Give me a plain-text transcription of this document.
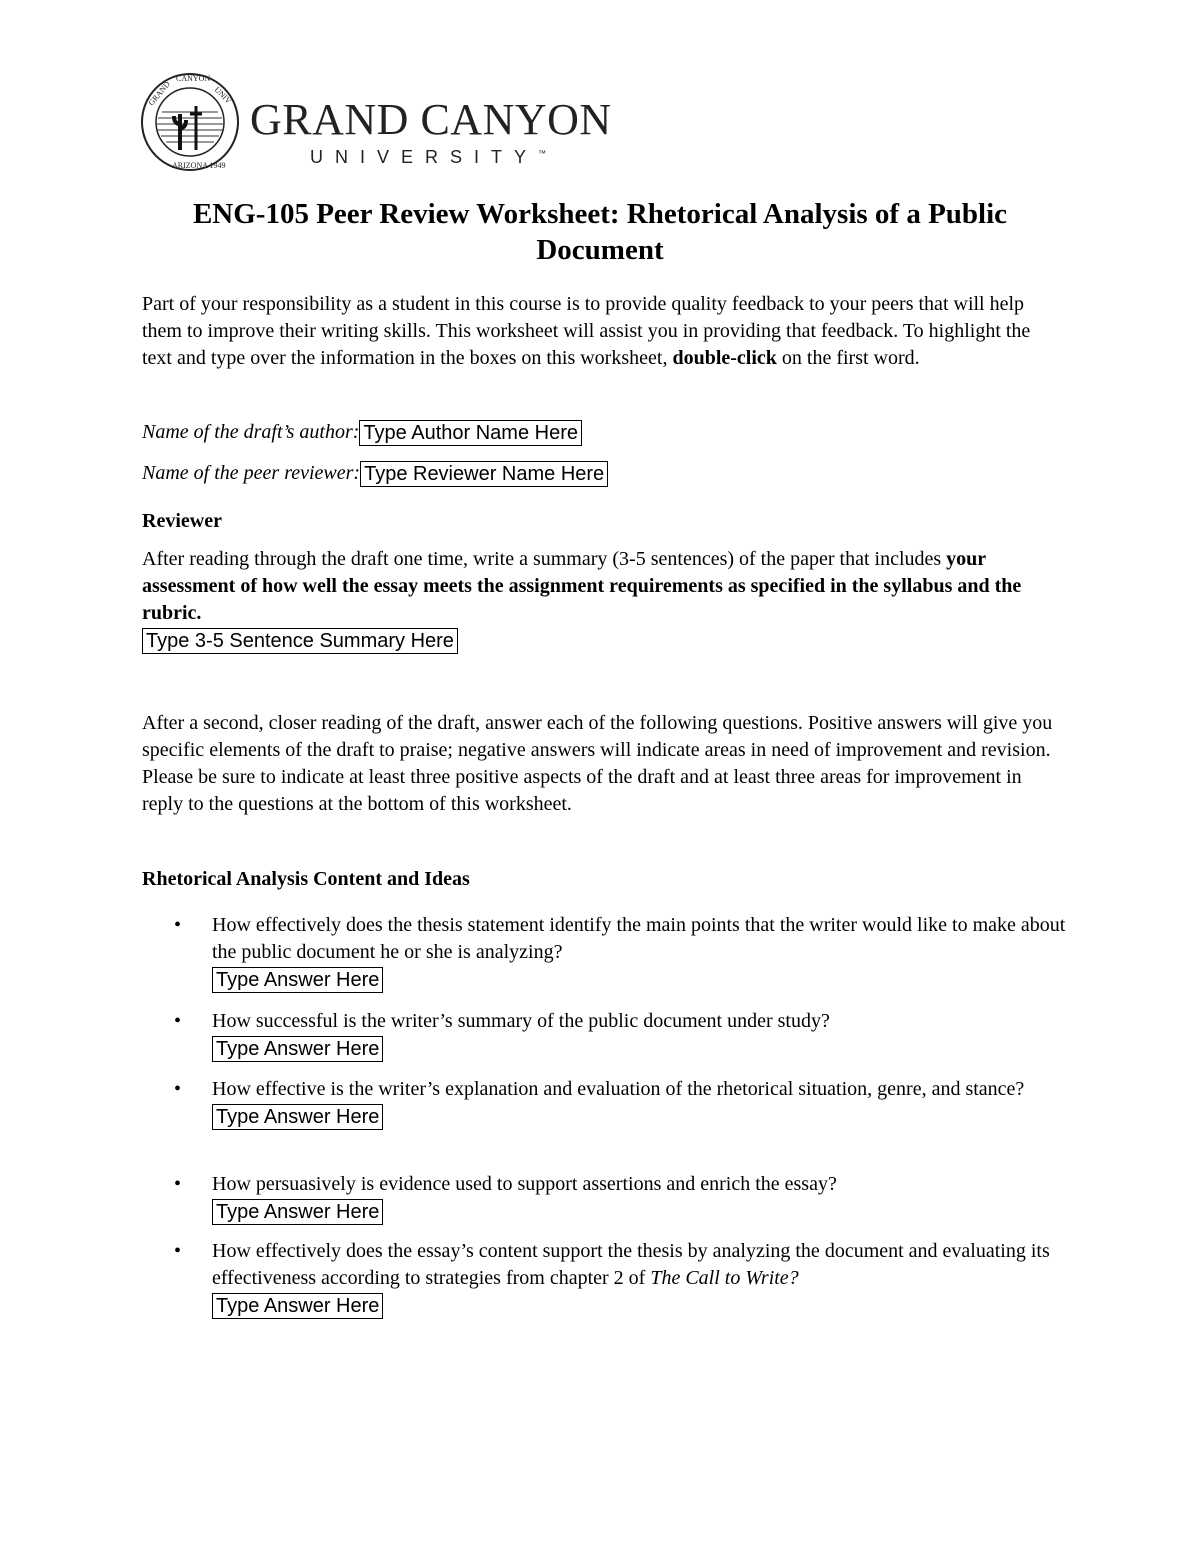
GRAND
CANYON
UNIV
ARIZONA 1949
GRAND CANYON
UNIVERSITY™
ENG-105 Peer Review Worksheet: Rhetorical Analysis of a Public Document

Part of your responsibility as a student in this course is to provide quality feedback to your peers that will help them to improve their writing skills. This worksheet will assist you in providing that feedback. To highlight the text and type over the information in the boxes on this worksheet, double-click on the first word.

Name of the draft’s author: Type Author Name Here
Name of the peer reviewer: Type Reviewer Name Here
Reviewer

After reading through the draft one time, write a summary (3-5 sentences) of the paper that includes your assessment of how well the essay meets the assignment requirements as specified in the syllabus and the rubric.

Type 3-5 Sentence Summary Here

After a second, closer reading of the draft, answer each of the following questions. Positive answers will give you specific elements of the draft to praise; negative answers will indicate areas in need of improvement and revision. Please be sure to indicate at least three positive aspects of the draft and at least three areas for improvement in reply to the questions at the bottom of this worksheet.

Rhetorical Analysis Content and Ideas
• How effectively does the thesis statement identify the main points that the writer would like to make about the public document he or she is analyzing?
Type Answer Here
• How successful is the writer’s summary of the public document under study?
Type Answer Here
• How effective is the writer’s explanation and evaluation of the rhetorical situation, genre, and stance?
Type Answer Here
• How persuasively is evidence used to support assertions and enrich the essay?
Type Answer Here
• How effectively does the essay’s content support the thesis by analyzing the document and evaluating its effectiveness according to strategies from chapter 2 of The Call to Write?
Type Answer Here
